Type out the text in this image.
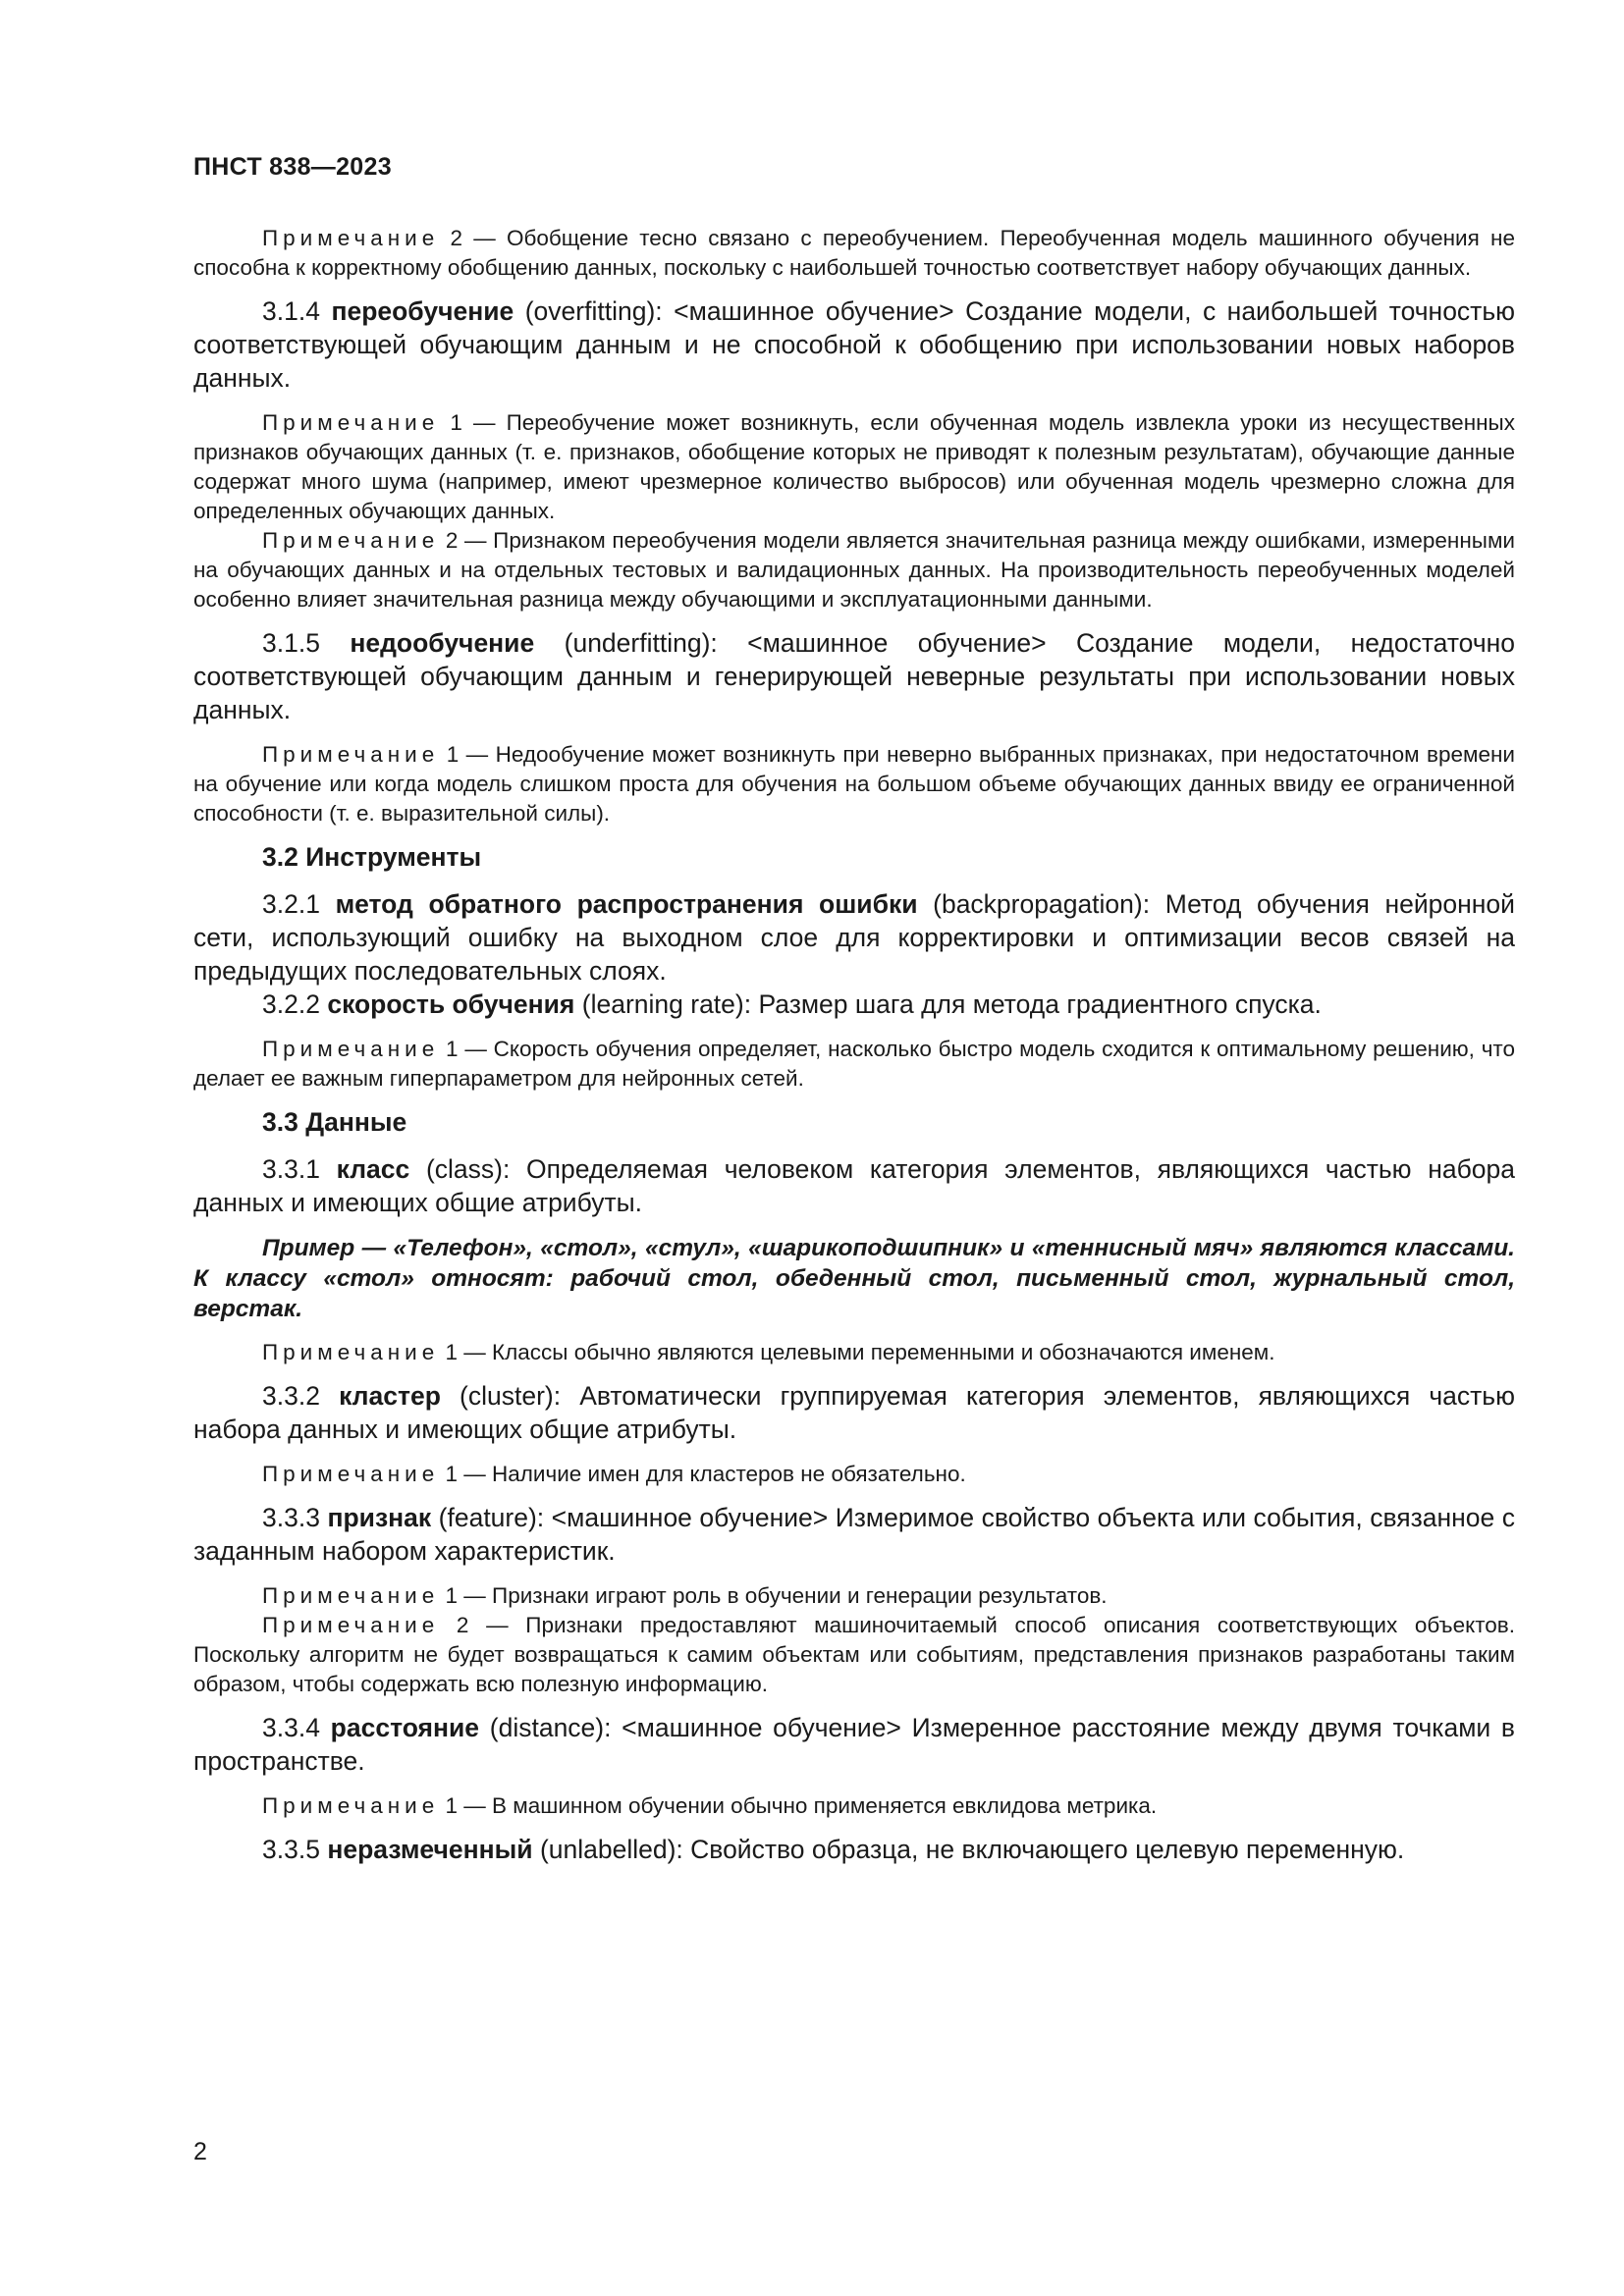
ПНСТ 838—2023

Примечание 2 — Обобщение тесно связано с переобучением. Переобученная модель машинного обучения не способна к корректному обобщению данных, поскольку с наибольшей точностью соответствует набору обучающих данных.

3.1.4 переобучение (overfitting): <машинное обучение> Создание модели, с наибольшей точностью соответствующей обучающим данным и не способной к обобщению при использовании новых наборов данных.

Примечание 1 — Переобучение может возникнуть, если обученная модель извлекла уроки из несущественных признаков обучающих данных (т. е. признаков, обобщение которых не приводят к полезным результатам), обучающие данные содержат много шума (например, имеют чрезмерное количество выбросов) или обученная модель чрезмерно сложна для определенных обучающих данных.

Примечание 2 — Признаком переобучения модели является значительная разница между ошибками, измеренными на обучающих данных и на отдельных тестовых и валидационных данных. На производительность переобученных моделей особенно влияет значительная разница между обучающими и эксплуатационными данными.

3.1.5 недообучение (underfitting): <машинное обучение> Создание модели, недостаточно соответствующей обучающим данным и генерирующей неверные результаты при использовании новых данных.

Примечание 1 — Недообучение может возникнуть при неверно выбранных признаках, при недостаточном времени на обучение или когда модель слишком проста для обучения на большом объеме обучающих данных ввиду ее ограниченной способности (т. е. выразительной силы).

3.2 Инструменты

3.2.1 метод обратного распространения ошибки (backpropagation): Метод обучения нейронной сети, использующий ошибку на выходном слое для корректировки и оптимизации весов связей на предыдущих последовательных слоях.

3.2.2 скорость обучения (learning rate): Размер шага для метода градиентного спуска.

Примечание 1 — Скорость обучения определяет, насколько быстро модель сходится к оптимальному решению, что делает ее важным гиперпараметром для нейронных сетей.

3.3 Данные

3.3.1 класс (class): Определяемая человеком категория элементов, являющихся частью набора данных и имеющих общие атрибуты.

Пример — «Телефон», «стол», «стул», «шарикоподшипник» и «теннисный мяч» являются классами. К классу «стол» относят: рабочий стол, обеденный стол, письменный стол, журнальный стол, верстак.

Примечание 1 — Классы обычно являются целевыми переменными и обозначаются именем.

3.3.2 кластер (cluster): Автоматически группируемая категория элементов, являющихся частью набора данных и имеющих общие атрибуты.

Примечание 1 — Наличие имен для кластеров не обязательно.

3.3.3 признак (feature): <машинное обучение> Измеримое свойство объекта или события, связанное с заданным набором характеристик.

Примечание 1 — Признаки играют роль в обучении и генерации результатов.

Примечание 2 — Признаки предоставляют машиночитаемый способ описания соответствующих объектов. Поскольку алгоритм не будет возвращаться к самим объектам или событиям, представления признаков разработаны таким образом, чтобы содержать всю полезную информацию.

3.3.4 расстояние (distance): <машинное обучение> Измеренное расстояние между двумя точками в пространстве.

Примечание 1 — В машинном обучении обычно применяется евклидова метрика.

3.3.5 неразмеченный (unlabelled): Свойство образца, не включающего целевую переменную.

2
